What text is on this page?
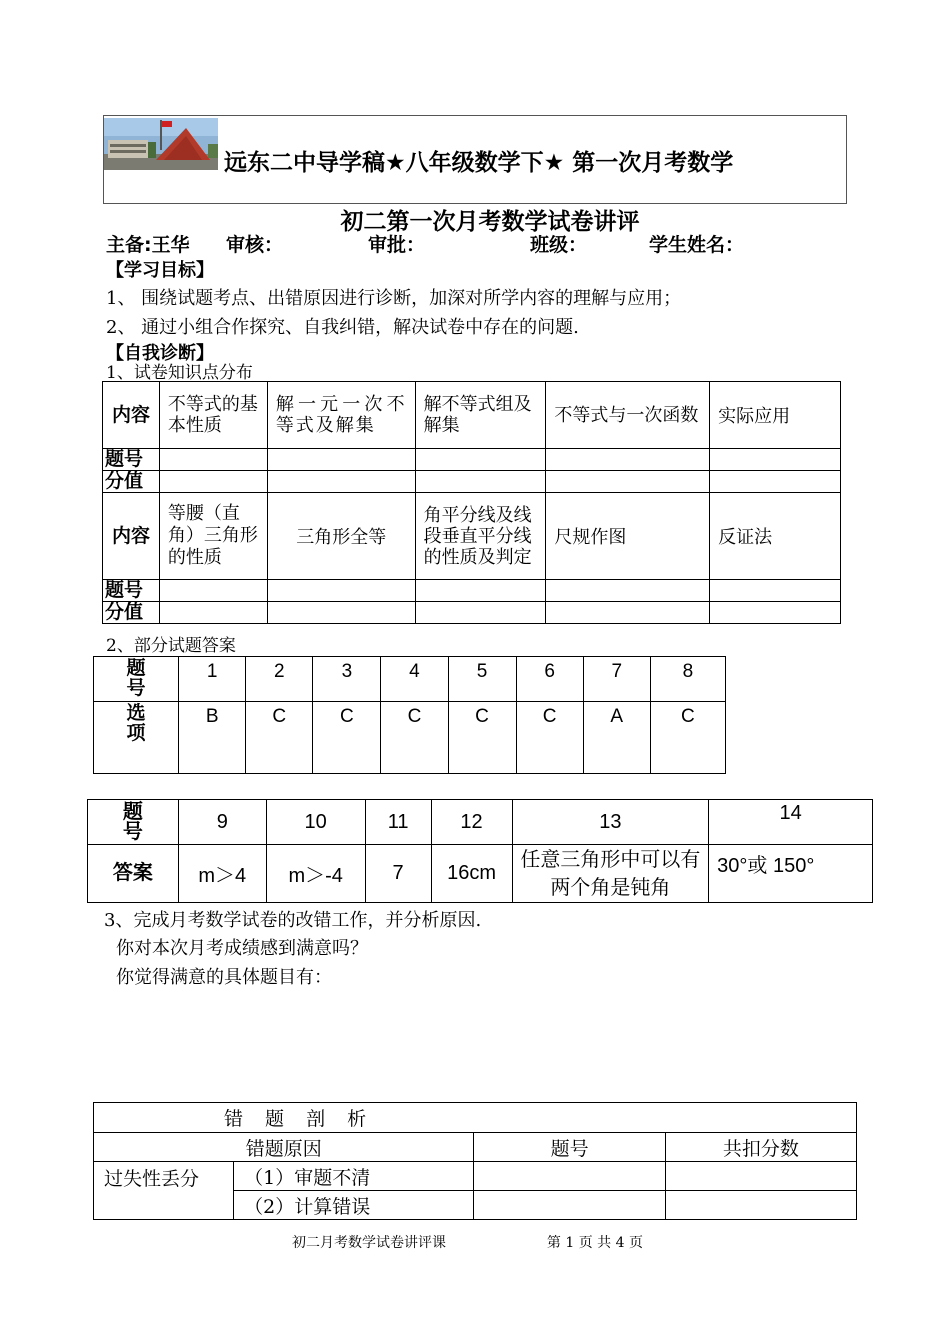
远东二中导学稿★八年级数学下★ 第一次月考数学
初二第一次月考数学试卷讲评
主备:王华 审核：	审批：	班级：	学生姓名：
【学习目标】
1、 围绕试题考点、出错原因进行诊断，加深对所学内容的理解与应用；
2、 通过小组合作探究、自我纠错，解决试卷中存在的问题.
【自我诊断】
1、试卷知识点分布
内容	不等式的基本性质	解一元一次不等式及解集	解不等式组及解集	不等式与一次函数	实际应用
题号					
分值					
内容	等腰（直角）三角形的性质	三角形全等	角平分线及线段垂直平分线的性质及判定	尺规作图	反证法
题号					
分值					
2、部分试题答案
题号	1	2	3	4	5	6	7	8
选项	B	C	C	C	C	C	A	C
题号	9	10	11	12	13	14
答案	m＞4	m＞-4	7	16cm	任意三角形中可以有两个角是钝角	30°或 150°
3、完成月考数学试卷的改错工作，并分析原因.
你对本次月考成绩感到满意吗？
你觉得满意的具体题目有：
错 题 剖 析			
错题原因		题号	共扣分数
过失性丢分	（1）审题不清		
	（2）计算错误		
初二月考数学试卷讲评课	第 1 页 共 4 页
